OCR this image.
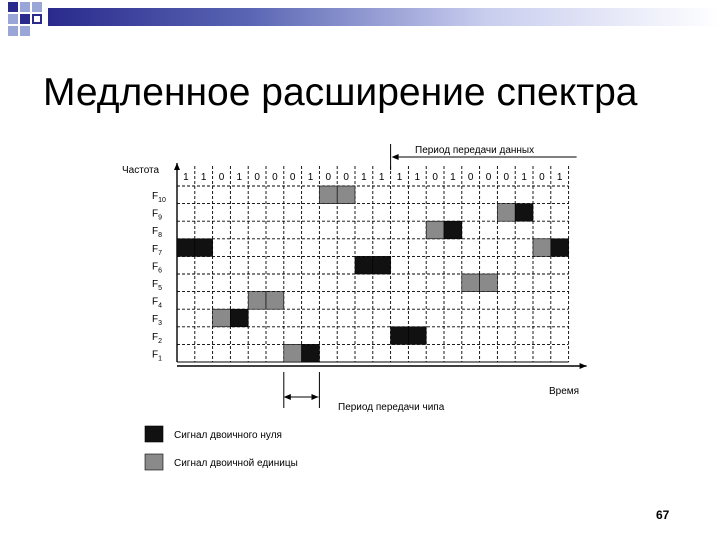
Медленное расширение спектра
Частота
Время
Период передачи данных
Период передачи чипа
1 1 0 1 0 0 0 1 0 0 1 1 1 1 0 1 0 0 0 1 0 1
$F_{10}$
$F_9$
$F_8$
$F_7$
$F_6$
$F_5$
$F_4$
$F_3$
$F_2$
$F_1$
Сигнал двоичного нуля
Сигнал двоичной единицы
67
